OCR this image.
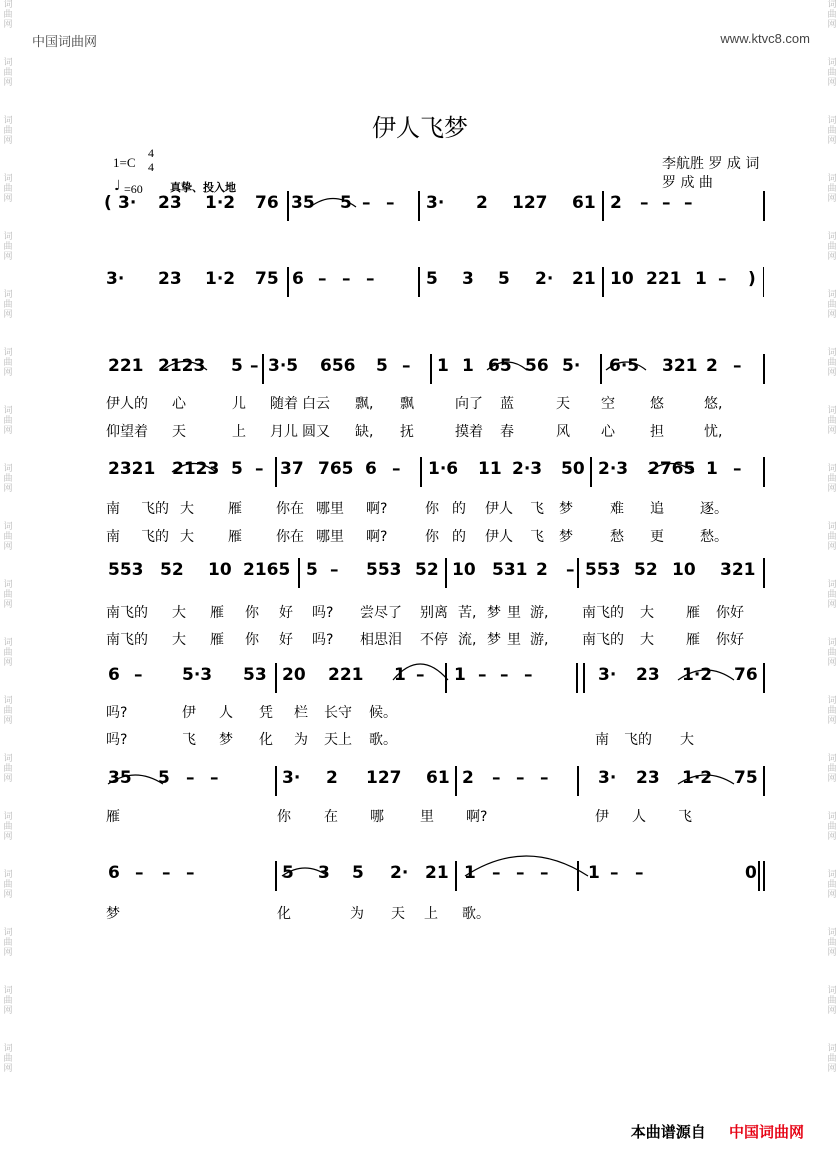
词
曲
网
词
曲
网
词
曲
网
词
曲
网
词
曲
网
词
曲
网
词
曲
网
词
曲
网
词
曲
网
词
曲
网
词
曲
网
词
曲
网
词
曲
网
词
曲
网
词
曲
网
词
曲
网
词
曲
网
词
曲
网
词
曲
网
词
曲
网
词
曲
网
词
曲
网
词
曲
网
词
曲
网
词
曲
网
词
曲
网
词
曲
网
词
曲
网
词
曲
网
词
曲
网
词
曲
网
词
曲
网
词
曲
网
词
曲
网
词
曲
网
词
曲
网
词
曲
网
词
曲
网
中国词曲网	www.ktvc8.com
伊人飞梦
1=C
4
4
♩ =60 真挚、投入地
李航胜 罗 成 词
罗 成 曲
( 3· 23 1·2 76 35 5 – – 3· 2 127 61 2 – – –
3· 23 1·2 75 6 – – –	5 3 5 2· 21 10 221 1 – )
221 2123 5 – 3·5 656 5 – 1 1 65 56 5· 6·5 321 2 –
2321 2123 5 – 37 765 6 – 1·6 11 2·3 50 2·3 2765 1 –
553 52 10 2165 5 – 553 52 10 531 2 – 553 52 10 321
6 – 5·3 53 20 221 1 – 1 – – –	3· 23 1·2 76
35 5 – –	3· 2 127 61 2 – – –	3· 23 1·2 75
6 – – –	5 3 5 2· 21 1 – – – 1 – –	0
伊人的 心	儿 随着 白云 飘, 飘	向了 蓝	天 空	悠	悠,
仰望着 天	上 月儿 圆又 缺, 抚	摸着 春	风 心	担	忧,
南 飞的 大 雁 你在 哪里 啊?	你 的 伊人 飞 梦	难 追	逐。
南 飞的 大 雁 你在 哪里 啊?	你 的 伊人 飞 梦	愁 更	愁。
南飞的 大 雁 你 好 吗? 尝尽了 别离 苦, 梦 里 游, 南飞的 大 雁 你好
南飞的 大 雁 你 好 吗? 相思泪 不停 流, 梦 里 游, 南飞的 大 雁 你好
吗?	伊 人 凭 栏 长守 候。
吗?	飞 梦 化 为 天上 歌。	南 飞的 大
雁	你 在 哪	里 啊?	伊 人 飞
梦	化	为 天 上 歌。
本曲谱源自 中国词曲网
